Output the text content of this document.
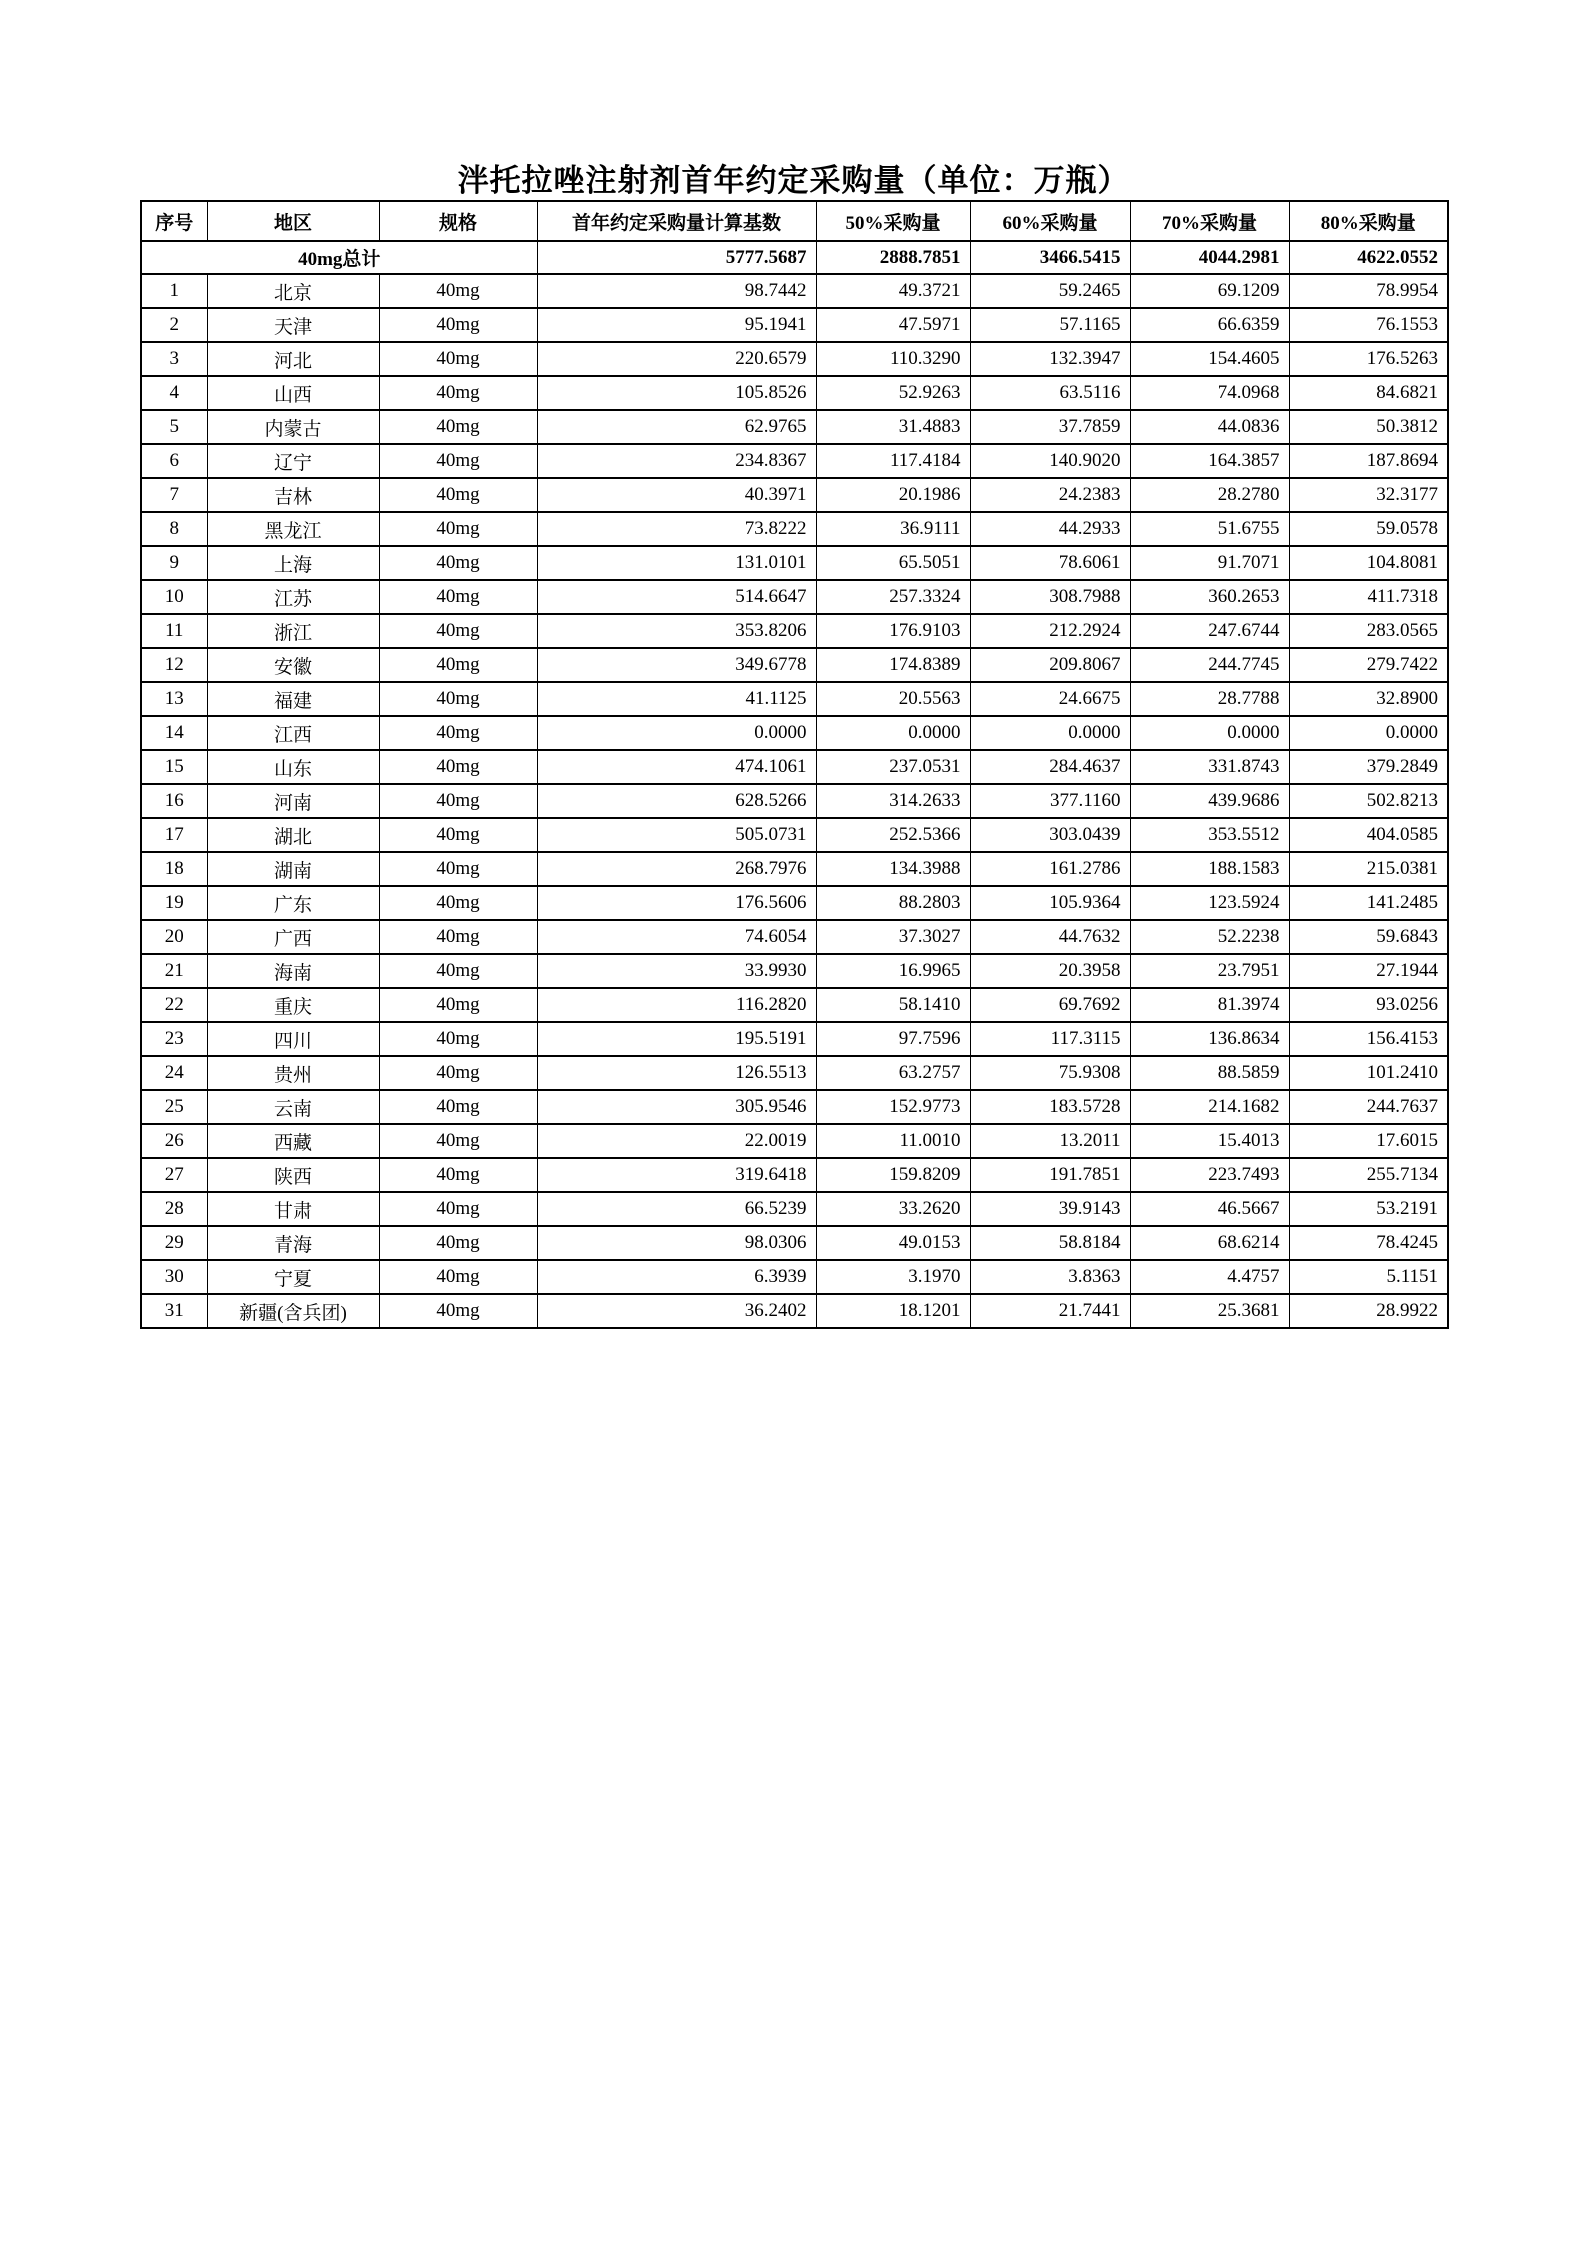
泮托拉唑注射剂首年约定采购量（单位：万瓶）
序号	地区	规格	首年约定采购量计算基数	50%采购量	60%采购量	70%采购量	80%采购量
40mg总计			5777.5687	2888.7851	3466.5415	4044.2981	4622.0552
1	北京	40mg	98.7442	49.3721	59.2465	69.1209	78.9954
2	天津	40mg	95.1941	47.5971	57.1165	66.6359	76.1553
3	河北	40mg	220.6579	110.3290	132.3947	154.4605	176.5263
4	山西	40mg	105.8526	52.9263	63.5116	74.0968	84.6821
5	内蒙古	40mg	62.9765	31.4883	37.7859	44.0836	50.3812
6	辽宁	40mg	234.8367	117.4184	140.9020	164.3857	187.8694
7	吉林	40mg	40.3971	20.1986	24.2383	28.2780	32.3177
8	黑龙江	40mg	73.8222	36.9111	44.2933	51.6755	59.0578
9	上海	40mg	131.0101	65.5051	78.6061	91.7071	104.8081
10	江苏	40mg	514.6647	257.3324	308.7988	360.2653	411.7318
11	浙江	40mg	353.8206	176.9103	212.2924	247.6744	283.0565
12	安徽	40mg	349.6778	174.8389	209.8067	244.7745	279.7422
13	福建	40mg	41.1125	20.5563	24.6675	28.7788	32.8900
14	江西	40mg	0.0000	0.0000	0.0000	0.0000	0.0000
15	山东	40mg	474.1061	237.0531	284.4637	331.8743	379.2849
16	河南	40mg	628.5266	314.2633	377.1160	439.9686	502.8213
17	湖北	40mg	505.0731	252.5366	303.0439	353.5512	404.0585
18	湖南	40mg	268.7976	134.3988	161.2786	188.1583	215.0381
19	广东	40mg	176.5606	88.2803	105.9364	123.5924	141.2485
20	广西	40mg	74.6054	37.3027	44.7632	52.2238	59.6843
21	海南	40mg	33.9930	16.9965	20.3958	23.7951	27.1944
22	重庆	40mg	116.2820	58.1410	69.7692	81.3974	93.0256
23	四川	40mg	195.5191	97.7596	117.3115	136.8634	156.4153
24	贵州	40mg	126.5513	63.2757	75.9308	88.5859	101.2410
25	云南	40mg	305.9546	152.9773	183.5728	214.1682	244.7637
26	西藏	40mg	22.0019	11.0010	13.2011	15.4013	17.6015
27	陕西	40mg	319.6418	159.8209	191.7851	223.7493	255.7134
28	甘肃	40mg	66.5239	33.2620	39.9143	46.5667	53.2191
29	青海	40mg	98.0306	49.0153	58.8184	68.6214	78.4245
30	宁夏	40mg	6.3939	3.1970	3.8363	4.4757	5.1151
31	新疆(含兵团)	40mg	36.2402	18.1201	21.7441	25.3681	28.9922
